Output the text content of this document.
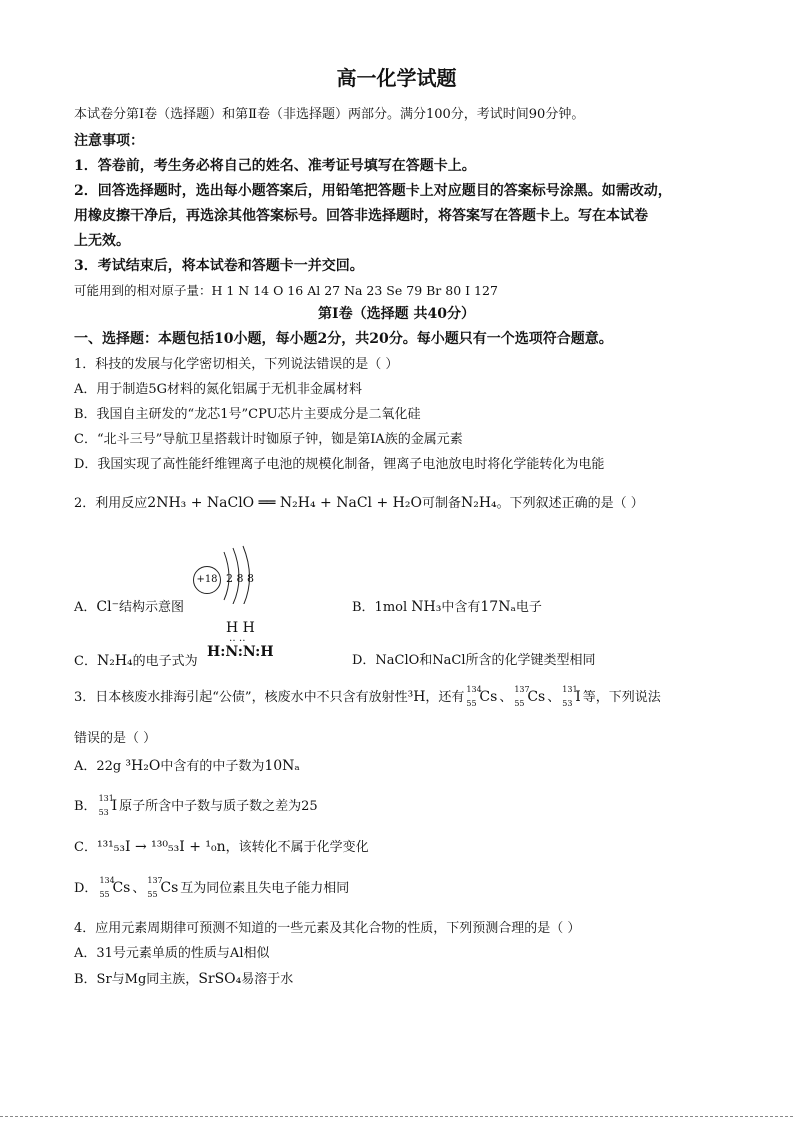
高一化学试题
本试卷分第Ⅰ卷（选择题）和第Ⅱ卷（非选择题）两部分。满分100分，考试时间90分钟。
注意事项：
1．答卷前，考生务必将自己的姓名、准考证号填写在答题卡上。
2．回答选择题时，选出每小题答案后，用铅笔把答题卡上对应题目的答案标号涂黑。如需改动，
用橡皮擦干净后，再选涂其他答案标号。回答非选择题时，将答案写在答题卡上。写在本试卷
上无效。
3．考试结束后，将本试卷和答题卡一并交回。
可能用到的相对原子量：H 1 N 14 O 16 Al 27 Na 23 Se 79 Br 80 I 127
第Ⅰ卷（选择题 共40分）
一、选择题：本题包括10小题，每小题2分，共20分。每小题只有一个选项符合题意。
1．科技的发展与化学密切相关，下列说法错误的是（ ）
A．用于制造5G材料的氮化铝属于无机非金属材料
B．我国自主研发的“龙芯1号”CPU芯片主要成分是二氧化硅
C．“北斗三号”导航卫星搭载计时铷原子钟，铷是第ⅠA族的金属元素
D．我国实现了高性能纤维锂离子电池的规模化制备，锂离子电池放电时将化学能转化为电能
2．利用反应2NH₃ + NaClO ══ N₂H₄ + NaCl + H₂O可制备N₂H₄。下列叙述正确的是（ ）
+18 2 8 8
A．Cl⁻结构示意图	B．1mol NH₃中含有17Nₐ电子
H H
‥ ‥
H:N:N:H
C．N₂H₄的电子式为	D．NaClO和NaCl所含的化学键类型相同
3．日本核废水排海引起“公债”，核废水中不只含有放射性³H，还有
134
55 Cs 、
137
55 Cs 、
131
53 I 等，下列说法
错误的是（ ）
A．22g ³H₂O中含有的中子数为10Nₐ
B．
131
53 I 原子所含中子数与质子数之差为25
C．¹³¹₅₃I → ¹³⁰₅₃I + ¹₀n，该转化不属于化学变化
D．
134
55 Cs 、
137
55 Cs 互为同位素且失电子能力相同
4．应用元素周期律可预测不知道的一些元素及其化合物的性质，下列预测合理的是（ ）
A．31号元素单质的性质与Al相似
B．Sr与Mg同主族，SrSO₄易溶于水
